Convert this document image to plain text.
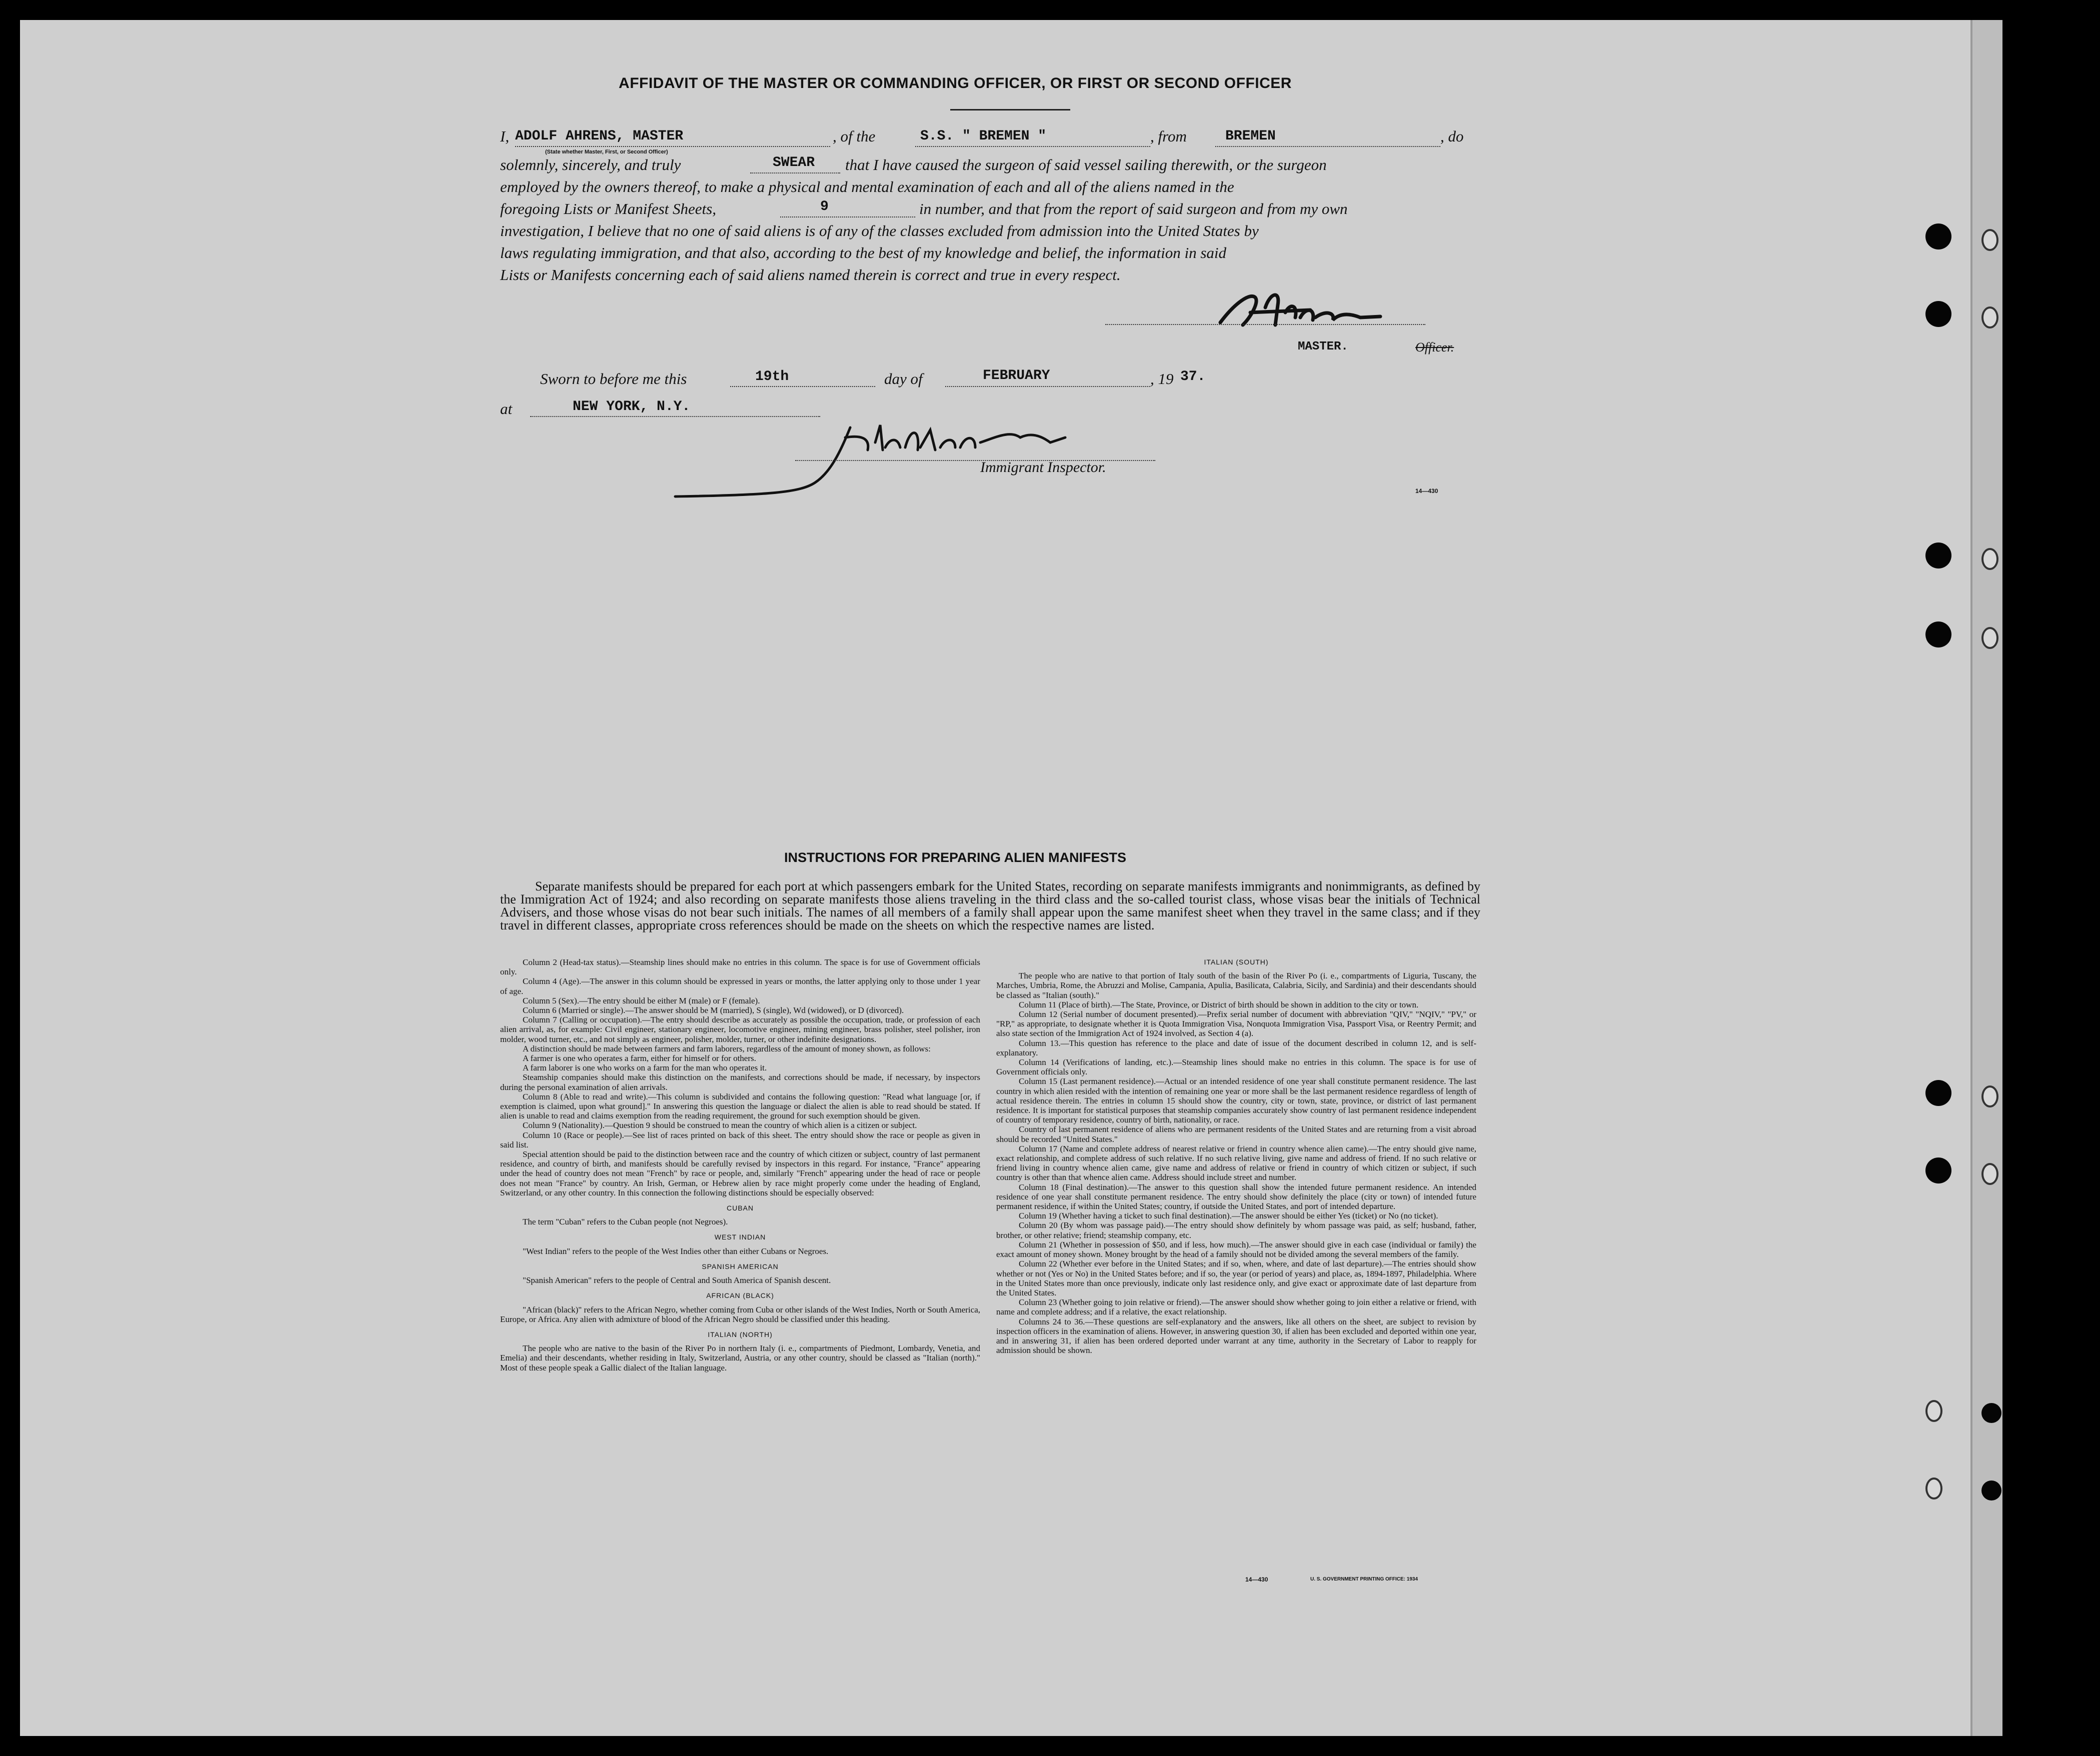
AFFIDAVIT OF THE MASTER OR COMMANDING OFFICER, OR FIRST OR SECOND OFFICER
I, ADOLF AHRENS, MASTER	, of the	S.S. " BREMEN "	, from	BREMEN	, do
(State whether Master, First, or Second Officer)
solemnly, sincerely, and truly	SWEAR that I have caused the surgeon of said vessel sailing therewith, or the surgeon
employed by the owners thereof, to make a physical and mental examination of each and all of the aliens named in the
foregoing Lists or Manifest Sheets,	9	in number, and that from the report of said surgeon and from my own
investigation, I believe that no one of said aliens is of any of the classes excluded from admission into the United States by
laws regulating immigration, and that also, according to the best of my knowledge and belief, the information in said
Lists or Manifests concerning each of said aliens named therein is correct and true in every respect.
MASTER.	Officer.
Sworn to before me this	19th	day of	FEBRUARY	, 19 37.
at	NEW YORK, N.Y.
Immigrant Inspector.
14—430
INSTRUCTIONS FOR PREPARING ALIEN MANIFESTS
Separate manifests should be prepared for each port at which passengers embark for the United States, recording on separate manifests immigrants and nonimmigrants, as defined by the Immigration Act of 1924; and also recording on separate manifests those aliens traveling in the third class and the so-called tourist class, whose visas bear the initials of Technical Advisers, and those whose visas do not bear such initials. The names of all members of a family shall appear upon the same manifest sheet when they travel in the same class; and if they travel in different classes, appropriate cross references should be made on the sheets on which the respective names are listed.

Column 2 (Head-tax status).—Steamship lines should make no entries in this column. The space is for use of Government officials only.

Column 4 (Age).—The answer in this column should be expressed in years or months, the latter applying only to those under 1 year of age.

Column 5 (Sex).—The entry should be either M (male) or F (female).

Column 6 (Married or single).—The answer should be M (married), S (single), Wd (widowed), or D (divorced).

Column 7 (Calling or occupation).—The entry should describe as accurately as possible the occupation, trade, or profession of each alien arrival, as, for example: Civil engineer, stationary engineer, locomotive engineer, mining engineer, brass polisher, steel polisher, iron molder, wood turner, etc., and not simply as engineer, polisher, molder, turner, or other indefinite designations.

A distinction should be made between farmers and farm laborers, regardless of the amount of money shown, as follows:

A farmer is one who operates a farm, either for himself or for others.

A farm laborer is one who works on a farm for the man who operates it.

Steamship companies should make this distinction on the manifests, and corrections should be made, if necessary, by inspectors during the personal examination of alien arrivals.

Column 8 (Able to read and write).—This column is subdivided and contains the following question: "Read what language [or, if exemption is claimed, upon what ground]." In answering this question the language or dialect the alien is able to read should be stated. If alien is unable to read and claims exemption from the reading requirement, the ground for such exemption should be given.

Column 9 (Nationality).—Question 9 should be construed to mean the country of which alien is a citizen or subject.

Column 10 (Race or people).—See list of races printed on back of this sheet. The entry should show the race or people as given in said list.

Special attention should be paid to the distinction between race and the country of which citizen or subject, country of last permanent residence, and country of birth, and manifests should be carefully revised by inspectors in this regard. For instance, "France" appearing under the head of country does not mean "French" by race or people, and, similarly "French" appearing under the head of race or people does not mean "France" by country. An Irish, German, or Hebrew alien by race might properly come under the heading of England, Switzerland, or any other country. In this connection the following distinctions should be especially observed:

CUBAN

The term "Cuban" refers to the Cuban people (not Negroes).

WEST INDIAN

"West Indian" refers to the people of the West Indies other than either Cubans or Negroes.

SPANISH AMERICAN

"Spanish American" refers to the people of Central and South America of Spanish descent.

AFRICAN (BLACK)

"African (black)" refers to the African Negro, whether coming from Cuba or other islands of the West Indies, North or South America, Europe, or Africa. Any alien with admixture of blood of the African Negro should be classified under this heading.

ITALIAN (NORTH)

The people who are native to the basin of the River Po in northern Italy (i. e., compartments of Piedmont, Lombardy, Venetia, and Emelia) and their descendants, whether residing in Italy, Switzerland, Austria, or any other country, should be classed as "Italian (north)." Most of these people speak a Gallic dialect of the Italian language.

ITALIAN (SOUTH)

The people who are native to that portion of Italy south of the basin of the River Po (i. e., compartments of Liguria, Tuscany, the Marches, Umbria, Rome, the Abruzzi and Molise, Campania, Apulia, Basilicata, Calabria, Sicily, and Sardinia) and their descendants should be classed as "Italian (south)."

Column 11 (Place of birth).—The State, Province, or District of birth should be shown in addition to the city or town.

Column 12 (Serial number of document presented).—Prefix serial number of document with abbreviation "QIV," "NQIV," "PV," or "RP," as appropriate, to designate whether it is Quota Immigration Visa, Nonquota Immigration Visa, Passport Visa, or Reentry Permit; and also state section of the Immigration Act of 1924 involved, as Section 4 (a).

Column 13.—This question has reference to the place and date of issue of the document described in column 12, and is self-explanatory.

Column 14 (Verifications of landing, etc.).—Steamship lines should make no entries in this column. The space is for use of Government officials only.

Column 15 (Last permanent residence).—Actual or an intended residence of one year shall constitute permanent residence. The last country in which alien resided with the intention of remaining one year or more shall be the last permanent residence regardless of length of actual residence therein. The entries in column 15 should show the country, city or town, state, province, or district of last permanent residence. It is important for statistical purposes that steamship companies accurately show country of last permanent residence independent of country of temporary residence, country of birth, nationality, or race.

Country of last permanent residence of aliens who are permanent residents of the United States and are returning from a visit abroad should be recorded "United States."

Column 17 (Name and complete address of nearest relative or friend in country whence alien came).—The entry should give name, exact relationship, and complete address of such relative. If no such relative living, give name and address of friend. If no such relative or friend living in country whence alien came, give name and address of relative or friend in country of which citizen or subject, if such country is other than that whence alien came. Address should include street and number.

Column 18 (Final destination).—The answer to this question shall show the intended future permanent residence. An intended residence of one year shall constitute permanent residence. The entry should show definitely the place (city or town) of intended future permanent residence, if within the United States; country, if outside the United States, and port of intended departure.

Column 19 (Whether having a ticket to such final destination).—The answer should be either Yes (ticket) or No (no ticket).

Column 20 (By whom was passage paid).—The entry should show definitely by whom passage was paid, as self; husband, father, brother, or other relative; friend; steamship company, etc.

Column 21 (Whether in possession of $50, and if less, how much).—The answer should give in each case (individual or family) the exact amount of money shown. Money brought by the head of a family should not be divided among the several members of the family.

Column 22 (Whether ever before in the United States; and if so, when, where, and date of last departure).—The entries should show whether or not (Yes or No) in the United States before; and if so, the year (or period of years) and place, as, 1894-1897, Philadelphia. Where in the United States more than once previously, indicate only last residence only, and give exact or approximate date of last departure from the United States.

Column 23 (Whether going to join relative or friend).—The answer should show whether going to join either a relative or friend, with name and complete address; and if a relative, the exact relationship.

Columns 24 to 36.—These questions are self-explanatory and the answers, like all others on the sheet, are subject to revision by inspection officers in the examination of aliens. However, in answering question 30, if alien has been excluded and deported within one year, and in answering 31, if alien has been ordered deported under warrant at any time, authority in the Secretary of Labor to reapply for admission should be shown.

14—430	U. S. GOVERNMENT PRINTING OFFICE: 1934
